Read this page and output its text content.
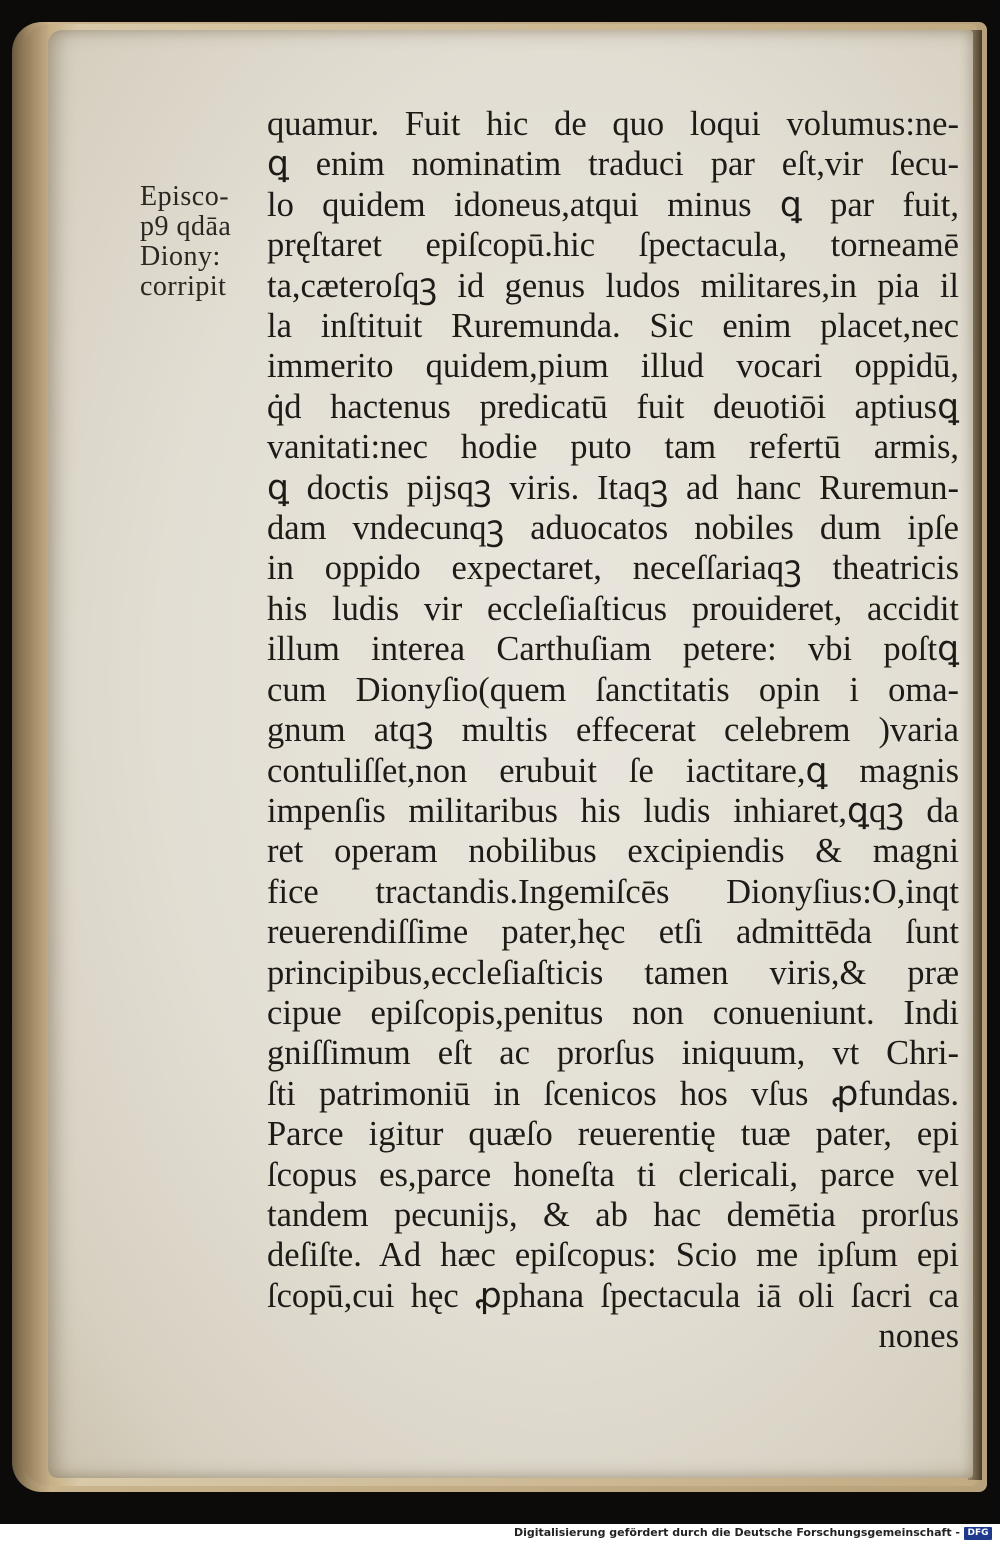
Episco-
p9 qdāa
Diony:
corripit
quamur. Fuit hic de quo loqui volumus:ne-
ꝗ enim nominatim traduci par eſt,vir ſecu-
lo quidem idoneus,atqui minus ꝗ par fuit,
pręſtaret epiſcopū.hic ſpectacula, torneamē
ta,cæteroſqꝫ id genus ludos militares,in pia il
la inſtituit Ruremunda. Sic enim placet,nec
immerito quidem,pium illud vocari oppidū,
q̇d hactenus predicatū fuit deuotiōi aptiusꝗ
vanitati:nec hodie puto tam refertū armis,
ꝗ doctis pijsqꝫ viris. Itaqꝫ ad hanc Ruremun-
dam vndecunqꝫ aduocatos nobiles dum ipſe
in oppido expectaret, neceſſariaqꝫ theatricis
his ludis vir eccleſiaſticus prouideret, accidit
illum interea Carthuſiam petere: vbi poſtꝗ
cum Dionyſio(quem ſanctitatis opin i oma-
gnum atqꝫ multis effecerat celebrem )varia
contuliſſet,non erubuit ſe iactitare,ꝗ magnis
impenſis militaribus his ludis inhiaret,ꝗqꝫ da
ret operam nobilibus excipiendis & magni
fice tractandis.Ingemiſcēs Dionyſius:O,inqt
reuerendiſſime pater,hęc etſi admittēda ſunt
principibus,eccleſiaſticis tamen viris,& præ
cipue epiſcopis,penitus non conueniunt. Indi
gniſſimum eſt ac prorſus iniquum, vt Chri-
ſti patrimoniū in ſcenicos hos vſus ꝓfundas.
Parce igitur quæſo reuerentię tuæ pater, epi
ſcopus es,parce honeſta ti clericali, parce vel
tandem pecunijs, & ab hac demētia prorſus
deſiſte. Ad hæc epiſcopus: Scio me ipſum epi
ſcopū,cui hęc ꝓphana ſpectacula iā oli ſacri ca
nones
Digitalisierung gefördert durch die Deutsche Forschungsgemeinschaft - DFG
